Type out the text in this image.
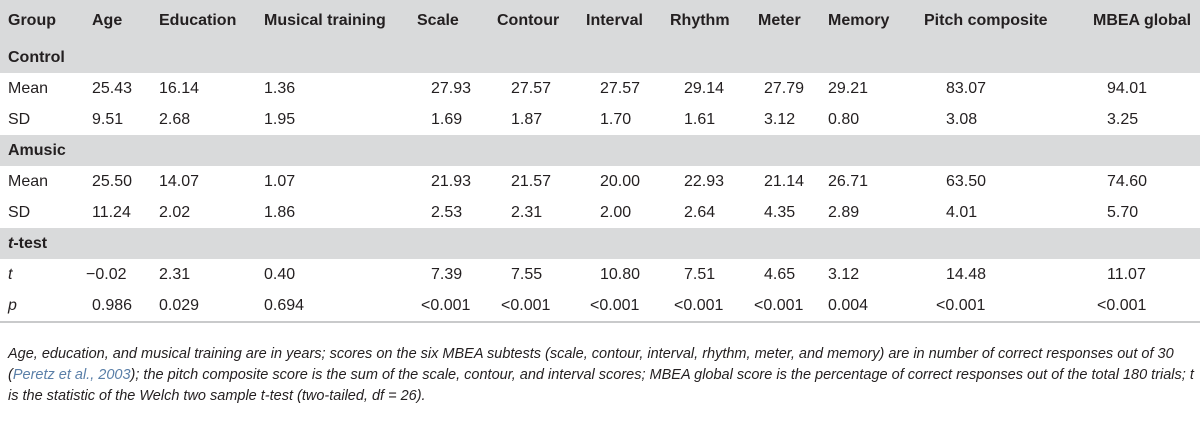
Group	Age	Education	Musical training	Scale	Contour	Interval	Rhythm	Meter	Memory	Pitch composite	MBEA global
Control											
Mean	25.43	16.14	1.36	27.93	27.57	27.57	29.14	27.79	29.21	83.07	94.01
SD	9.51	2.68	1.95	1.69	1.87	1.70	1.61	3.12	0.80	3.08	3.25
Amusic											
Mean	25.50	14.07	1.07	21.93	21.57	20.00	22.93	21.14	26.71	63.50	74.60
SD	11.24	2.02	1.86	2.53	2.31	2.00	2.64	4.35	2.89	4.01	5.70
t-test											
t	−0.02	2.31	0.40	7.39	7.55	10.80	7.51	4.65	3.12	14.48	11.07
p	0.986	0.029	0.694	<0.001	<0.001	<0.001	<0.001	<0.001	0.004	<0.001	<0.001
Age, education, and musical training are in years; scores on the six MBEA subtests (scale, contour, interval, rhythm, meter, and memory) are in number of correct responses out of 30 (Peretz et al., 2003); the pitch composite score is the sum of the scale, contour, and interval scores; MBEA global score is the percentage of correct responses out of the total 180 trials; t is the statistic of the Welch two sample t-test (two-tailed, df = 26).
